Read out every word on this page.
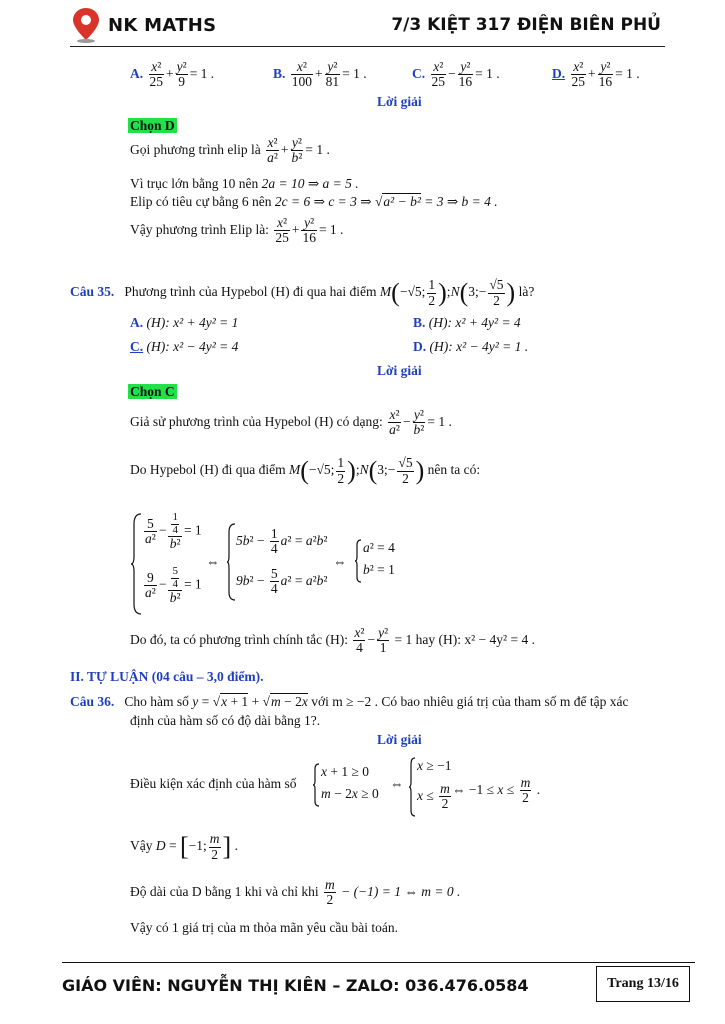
NK MATHS	7/3 KIỆT 317 ĐIỆN BIÊN PHỦ
A. $\frac{\text{x²}}{25} + \frac{\text{y²}}{9} = 1$ .	B. $\frac{\text{x²}}{100} + \frac{\text{y²}}{81} = 1$ .	C. $\frac{\text{x²}}{25} - \frac{\text{y²}}{16} = 1$ .	D. $\frac{\text{x²}}{25} + \frac{\text{y²}}{16} = 1$ .
Lời giải
Chọn D
Gọi phương trình elip là $\frac{\text{x²}}{\text{a²}} + \frac{\text{y²}}{\text{b²}} = 1$ .
Vì trục lớn bằng 10 nên 2a = 10 ⇒ a = 5 .
Elip có tiêu cự bằng 6 nên 2c = 6 ⇒ c = 3 ⇒ √a² − b² = 3 ⇒ b = 4 .
Vậy phương trình Elip là: $\frac{\text{x²}}{25} + \frac{\text{y²}}{16} = 1$ .
Câu 35. Phương trình của Hypebol (H) đi qua hai điểm M(−√5; $\frac{1}{2}$ );N(3;− $\frac{√5}{2}$ ) là?
A. (H): x² + 4y² = 1	B. (H): x² + 4y² = 4
C. (H): x² − 4y² = 4	D. (H): x² − 4y² = 1 .
Lời giải
Chọn C
Giả sử phương trình của Hypebol (H) có dạng: $\frac{\text{x²}}{\text{a²}} - \frac{\text{y²}}{\text{b²}} = 1$ .
Do Hypebol (H) đi qua điểm M(−√5; $\frac{1}{2}$ );N(3;− $\frac{√5}{2}$ ) nên ta có:
$\frac{5}{\text{a²}} - \frac{\frac{1}{4}}{\text{b²}} = 1$
$\frac{9}{\text{a²}} - \frac{\frac{5}{4}}{\text{b²}} = 1$
⇔
$5b^2 - \frac{1}{4} a^2 = a^2b^2$
$9b^2 - \frac{5}{4} a^2 = a^2b^2$
⇔
a² = 4
b² = 1
Do đó, ta có phương trình chính tắc (H): $\frac{\text{x²}}{4} - \frac{\text{y²}}{1} = 1$ hay (H): x² − 4y² = 4 .
II. TỰ LUẬN (04 câu – 3,0 điểm).
Câu 36. Cho hàm số y = √x + 1 + √m − 2x với m ≥ −2 . Có bao nhiêu giá trị của tham số m để tập xác
định của hàm số có độ dài bằng 1?.
Lời giải
Điều kiện xác định của hàm số
x + 1 ≥ 0
m − 2x ≥ 0
⇔
x ≥ −1
$x \le \frac{m}{2}$ ⇔ $-1 \le x \le \frac{m}{2}$ .
Vậy D = [−1; $\frac{m}{2}$ ] .
Độ dài của D bằng 1 khi và chỉ khi $\frac{m}{2} - (-1) = 1$ ⇔ m = 0 .
Vậy có 1 giá trị của m thỏa mãn yêu cầu bài toán.
GIÁO VIÊN: NGUYỄN THỊ KIÊN – ZALO: 036.476.0584	Trang 13/16
